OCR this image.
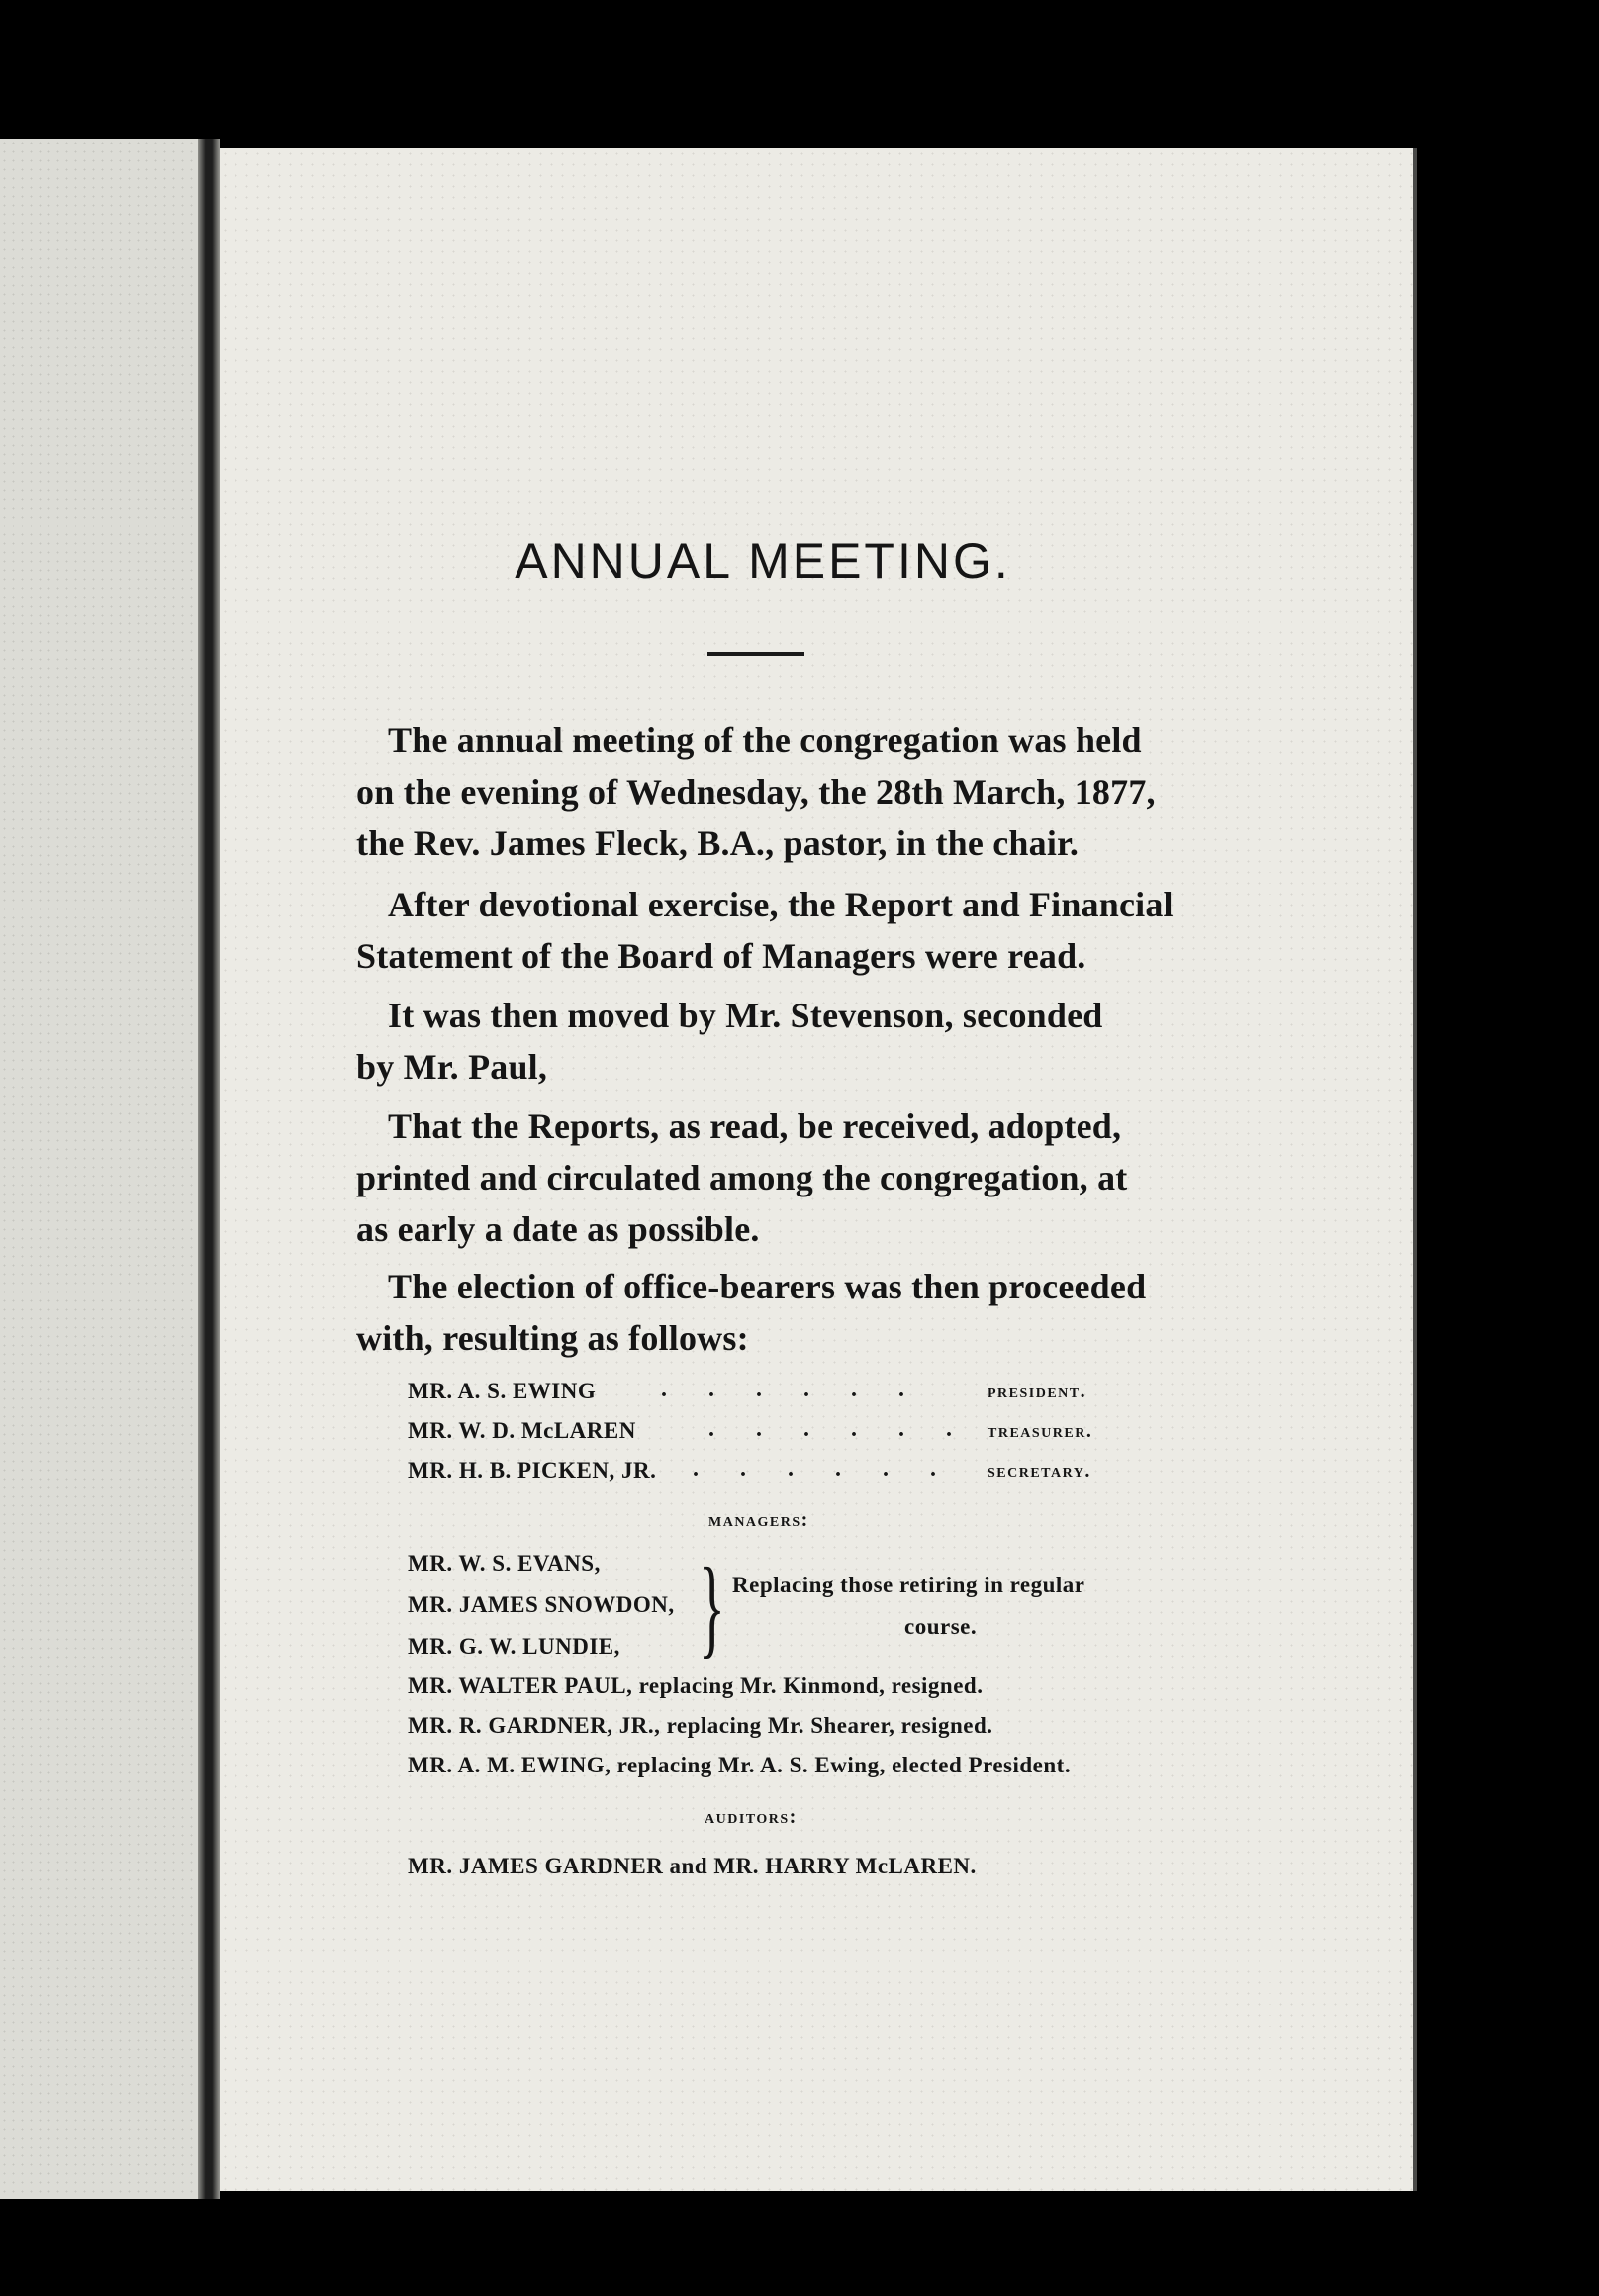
ANNUAL MEETING.
The annual meeting of the congregation was held
on the evening of Wednesday, the 28th March, 1877,
the Rev. James Fleck, B.A., pastor, in the chair.
After devotional exercise, the Report and Financial
Statement of the Board of Managers were read.
It was then moved by Mr. Stevenson, seconded
by Mr. Paul,
That the Reports, as read, be received, adopted,
printed and circulated among the congregation, at
as early a date as possible.
The election of office-bearers was then proceeded
with, resulting as follows:
MR. A. S. EWING	. . . . . .	president.
MR. W. D. McLAREN	. . . . . . treasurer.
MR. H. B. PICKEN, JR. . . . . . . secretary.
managers:
MR. W. S. EVANS,
MR. JAMES SNOWDON,
MR. G. W. LUNDIE, } Replacing those retiring in regular
course.
MR. WALTER PAUL, replacing Mr. Kinmond, resigned.
MR. R. GARDNER, JR., replacing Mr. Shearer, resigned.
MR. A. M. EWING, replacing Mr. A. S. Ewing, elected President.
auditors:
MR. JAMES GARDNER and MR. HARRY McLAREN.
